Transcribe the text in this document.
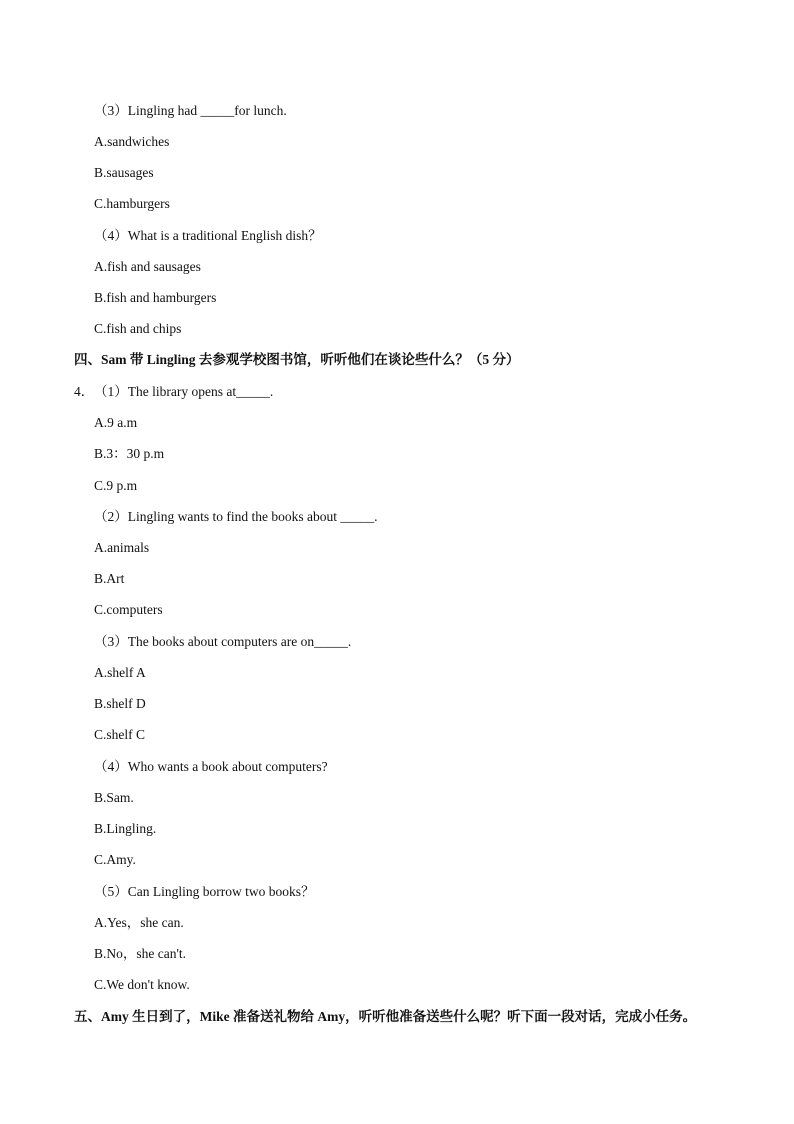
（3）Lingling had _____for lunch.
A.sandwiches
B.sausages
C.hamburgers
（4）What is a traditional English dish？
A.fish and sausages
B.fish and hamburgers
C.fish and chips
四、Sam 带 Lingling 去参观学校图书馆，听听他们在谈论些什么？（5 分）
4． （1）The library opens at_____.
A.9 a.m
B.3：30 p.m
C.9 p.m
（2）Lingling wants to find the books about _____.
A.animals
B.Art
C.computers
（3）The books about computers are on_____.
A.shelf A
B.shelf D
C.shelf C
（4）Who wants a book about computers?
B.Sam.
B.Lingling.
C.Amy.
（5）Can Lingling borrow two books？
A.Yes，she can.
B.No，she can't.
C.We don't know.
五、Amy 生日到了，Mike 准备送礼物给 Amy，听听他准备送些什么呢？听下面一段对话，完成小任务。
